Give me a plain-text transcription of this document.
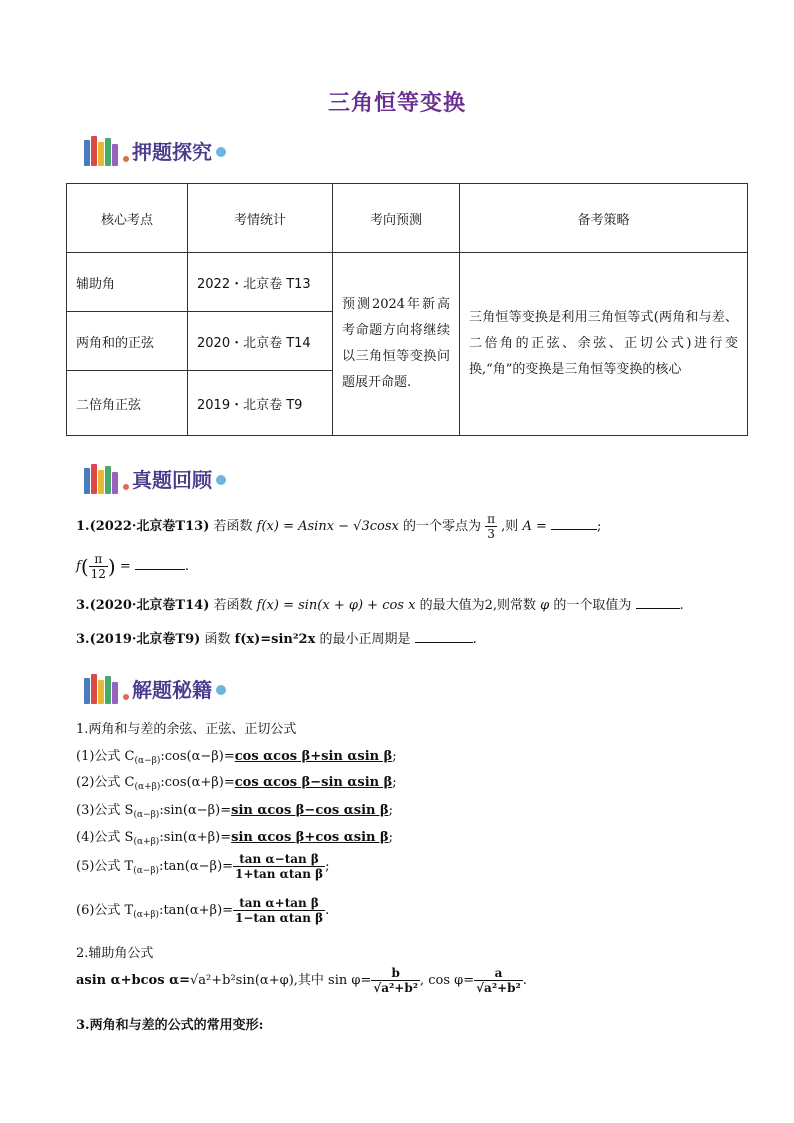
三角恒等变换
押题探究
核心考点	考情统计	考向预测	备考策略
辅助角	2022・北京卷 T13	预测2024年新高考命题方向将继续以三角恒等变换问题展开命题.	三角恒等变换是利用三角恒等式(两角和与差、二倍角的正弦、余弦、正切公式)进行变换,“角”的变换是三角恒等变换的核心
两角和的正弦	2020・北京卷 T14		
二倍角正弦	2019・北京卷 T9		
真题回顾
1.(2022·北京卷T13) 若函数 f(x) = Asinx − √3cosx 的一个零点为 $\frac{\pi}{3}$ ,则 A =	;
$f( \frac{\pi}{12}$ ) =	.
3.(2020·北京卷T14) 若函数 f(x) = sin(x + φ) + cos x 的最大值为2,则常数 φ 的一个取值为	.
3.(2019·北京卷T9) 函数 f(x)=sin²2x 的最小正周期是	.
解题秘籍
1.两角和与差的余弦、正弦、正切公式
(1)公式 $C_{(\alpha-\beta)}:\cos(\alpha-\beta)=\cos$ αcos β+sin αsin β;
(2)公式 $C_{(\alpha+\beta)}:\cos(\alpha+\beta)=\cos$ αcos β−sin αsin β;
(3)公式 $S_{(\alpha-\beta)}:\sin(\alpha-\beta)=\sin$ αcos β−cos αsin β;
(4)公式 $S_{(\alpha+\beta)}:\sin(\alpha+\beta)=\sin$ αcos β+cos αsin β;
(5)公式 $T_{(\alpha-\beta)}:\tan(\alpha-\beta)= \frac{\text{tan α−tan β}}{\text{1+tan αtan β}}$ ;
(6)公式 $T_{(\alpha+\beta)}:\tan(\alpha+\beta)= \frac{\text{tan α+tan β}}{\text{1−tan αtan β}}$ .
2.辅助角公式
asin α+bcos α=√a²+b²sin(α+φ),其中 $\sin \varphi= \frac{b}{\text{√a²+b²}}$ , $\cos \varphi= \frac{a}{\text{√a²+b²}}$ .
3.两角和与差的公式的常用变形:
